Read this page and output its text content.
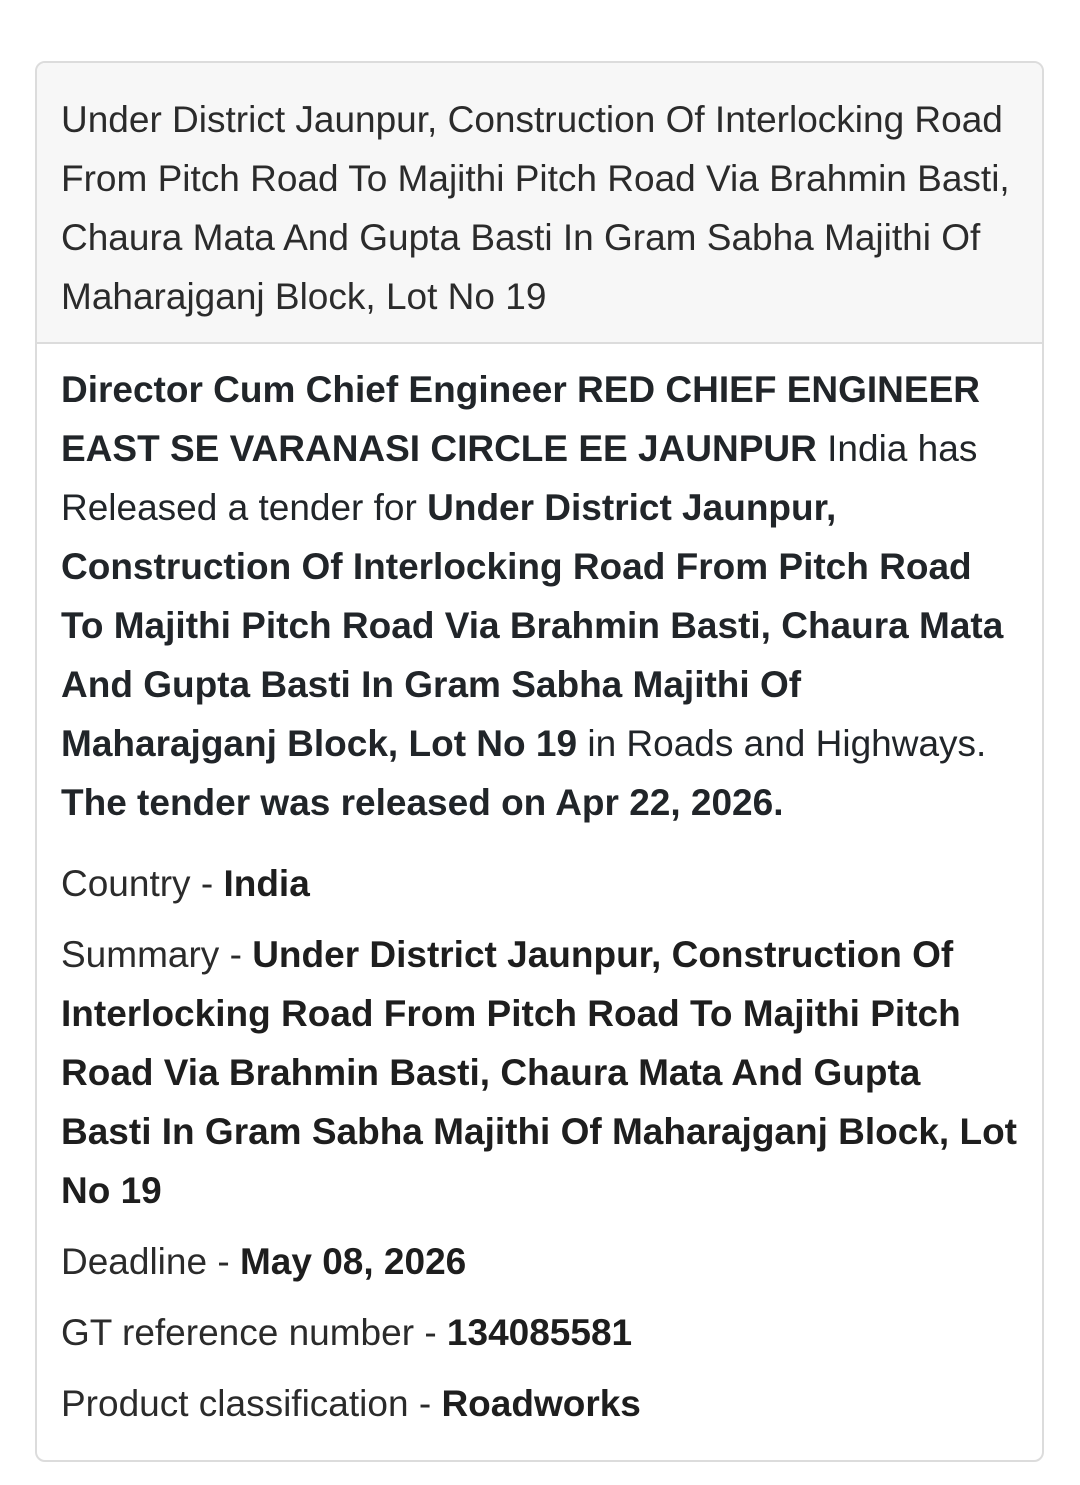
Under District Jaunpur, Construction Of Interlocking Road From Pitch Road To Majithi Pitch Road Via Brahmin Basti, Chaura Mata And Gupta Basti In Gram Sabha Majithi Of Maharajganj Block, Lot No 19

Director Cum Chief Engineer RED CHIEF ENGINEER EAST SE VARANASI CIRCLE EE JAUNPUR India has Released a tender for Under District Jaunpur, Construction Of Interlocking Road From Pitch Road To Majithi Pitch Road Via Brahmin Basti, Chaura Mata And Gupta Basti In Gram Sabha Majithi Of Maharajganj Block, Lot No 19 in Roads and Highways. The tender was released on Apr 22, 2026.

Country - India

Summary - Under District Jaunpur, Construction Of Interlocking Road From Pitch Road To Majithi Pitch Road Via Brahmin Basti, Chaura Mata And Gupta Basti In Gram Sabha Majithi Of Maharajganj Block, Lot No 19

Deadline - May 08, 2026

GT reference number - 134085581

Product classification - Roadworks
